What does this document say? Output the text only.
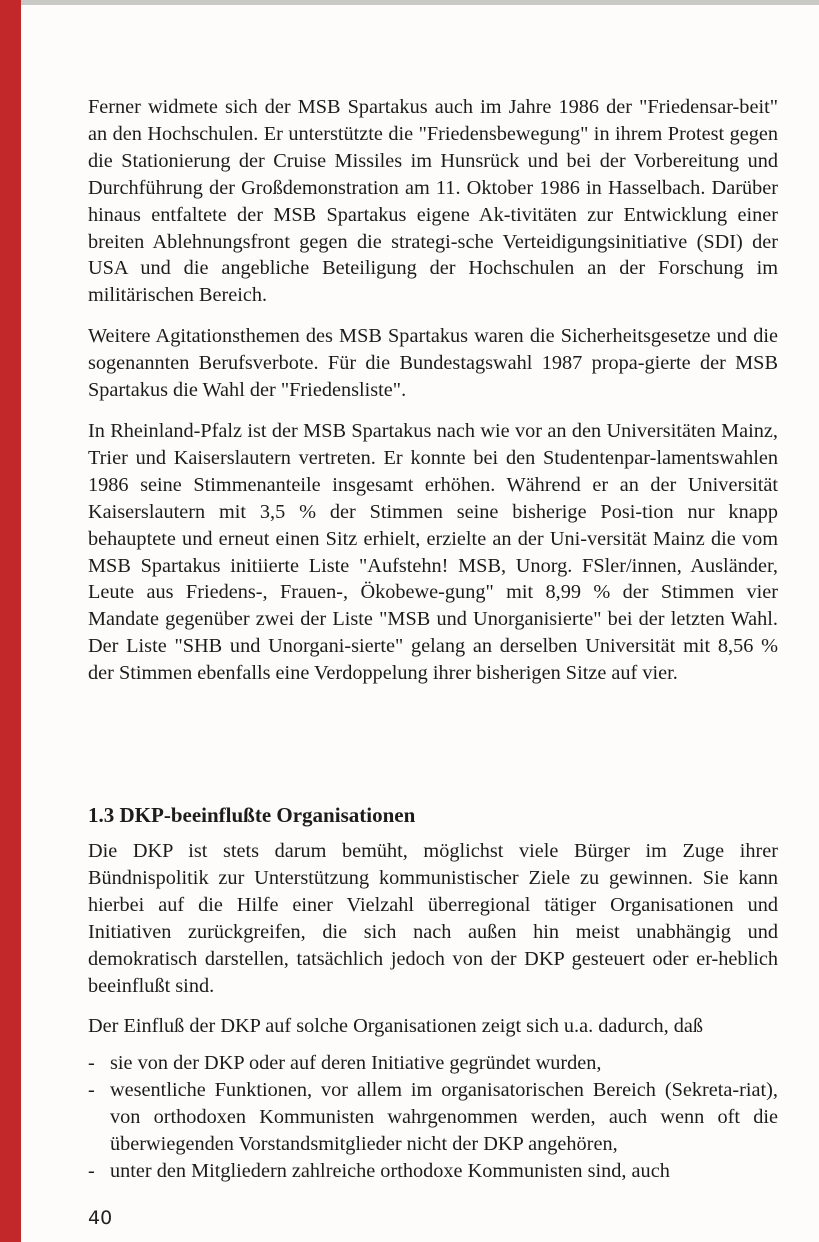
Ferner widmete sich der MSB Spartakus auch im Jahre 1986 der "Friedensar-beit" an den Hochschulen. Er unterstützte die "Friedensbewegung" in ihrem Protest gegen die Stationierung der Cruise Missiles im Hunsrück und bei der Vorbereitung und Durchführung der Großdemonstration am 11. Oktober 1986 in Hasselbach. Darüber hinaus entfaltete der MSB Spartakus eigene Ak-tivitäten zur Entwicklung einer breiten Ablehnungsfront gegen die strategi-sche Verteidigungsinitiative (SDI) der USA und die angebliche Beteiligung der Hochschulen an der Forschung im militärischen Bereich.

Weitere Agitationsthemen des MSB Spartakus waren die Sicherheitsgesetze und die sogenannten Berufsverbote. Für die Bundestagswahl 1987 propa-gierte der MSB Spartakus die Wahl der "Friedensliste".

In Rheinland-Pfalz ist der MSB Spartakus nach wie vor an den Universitäten Mainz, Trier und Kaiserslautern vertreten. Er konnte bei den Studentenpar-lamentswahlen 1986 seine Stimmenanteile insgesamt erhöhen. Während er an der Universität Kaiserslautern mit 3,5 % der Stimmen seine bisherige Posi-tion nur knapp behauptete und erneut einen Sitz erhielt, erzielte an der Uni-versität Mainz die vom MSB Spartakus initiierte Liste "Aufstehn! MSB, Unorg. FSler/innen, Ausländer, Leute aus Friedens-, Frauen-, Ökobewe-gung" mit 8,99 % der Stimmen vier Mandate gegenüber zwei der Liste "MSB und Unorganisierte" bei der letzten Wahl. Der Liste "SHB und Unorgani-sierte" gelang an derselben Universität mit 8,56 % der Stimmen ebenfalls eine Verdoppelung ihrer bisherigen Sitze auf vier.

1.3 DKP-beeinflußte Organisationen

Die DKP ist stets darum bemüht, möglichst viele Bürger im Zuge ihrer Bündnispolitik zur Unterstützung kommunistischer Ziele zu gewinnen. Sie kann hierbei auf die Hilfe einer Vielzahl überregional tätiger Organisationen und Initiativen zurückgreifen, die sich nach außen hin meist unabhängig und demokratisch darstellen, tatsächlich jedoch von der DKP gesteuert oder er-heblich beeinflußt sind.

Der Einfluß der DKP auf solche Organisationen zeigt sich u.a. dadurch, daß

- sie von der DKP oder auf deren Initiative gegründet wurden,
- wesentliche Funktionen, vor allem im organisatorischen Bereich (Sekreta-riat), von orthodoxen Kommunisten wahrgenommen werden, auch wenn oft die überwiegenden Vorstandsmitglieder nicht der DKP angehören,
- unter den Mitgliedern zahlreiche orthodoxe Kommunisten sind, auch
40
